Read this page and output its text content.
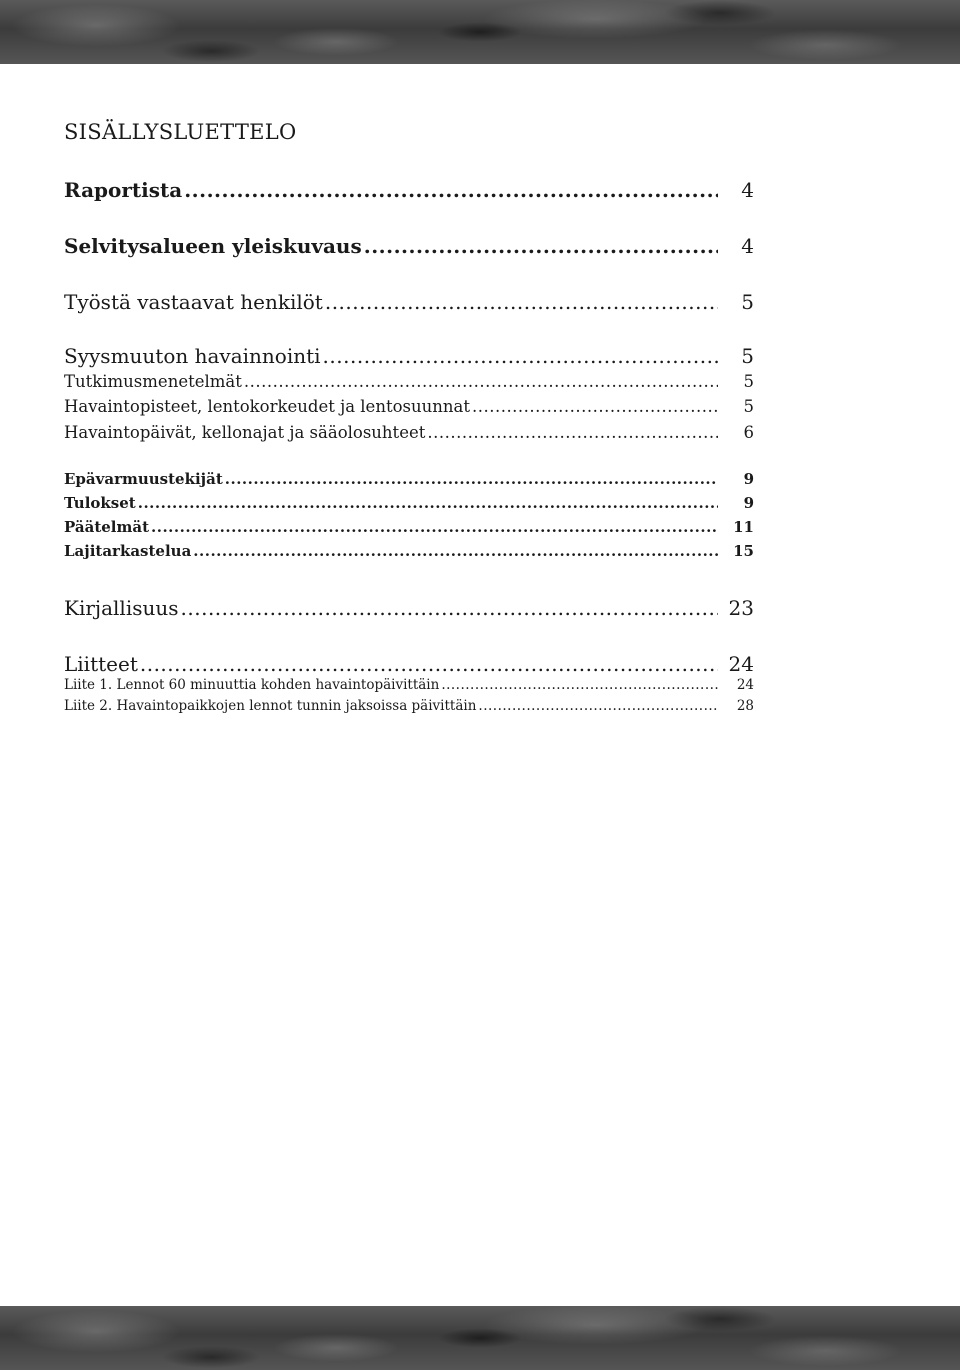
SISÄLLYSLUETTELO
Raportista .....	4
Selvitysalueen yleiskuvaus .....	4
Työstä vastaavat henkilöt .....	5
Syysmuuton havainnointi .....	5
Tutkimusmenetelmät .....	5
Havaintopisteet, lentokorkeudet ja lentosuunnat .....	5
Havaintopäivät, kellonajat ja sääolosuhteet .....	6
Epävarmuustekijät .....	9
Tulokset .....	9
Päätelmät .....	11
Lajitarkastelua .....	15
Kirjallisuus .....	23
Liitteet .....	24
Liite 1. Lennot 60 minuuttia kohden havaintopäivittäin .....	24
Liite 2. Havaintopaikkojen lennot tunnin jaksoissa päivittäin .....	28
